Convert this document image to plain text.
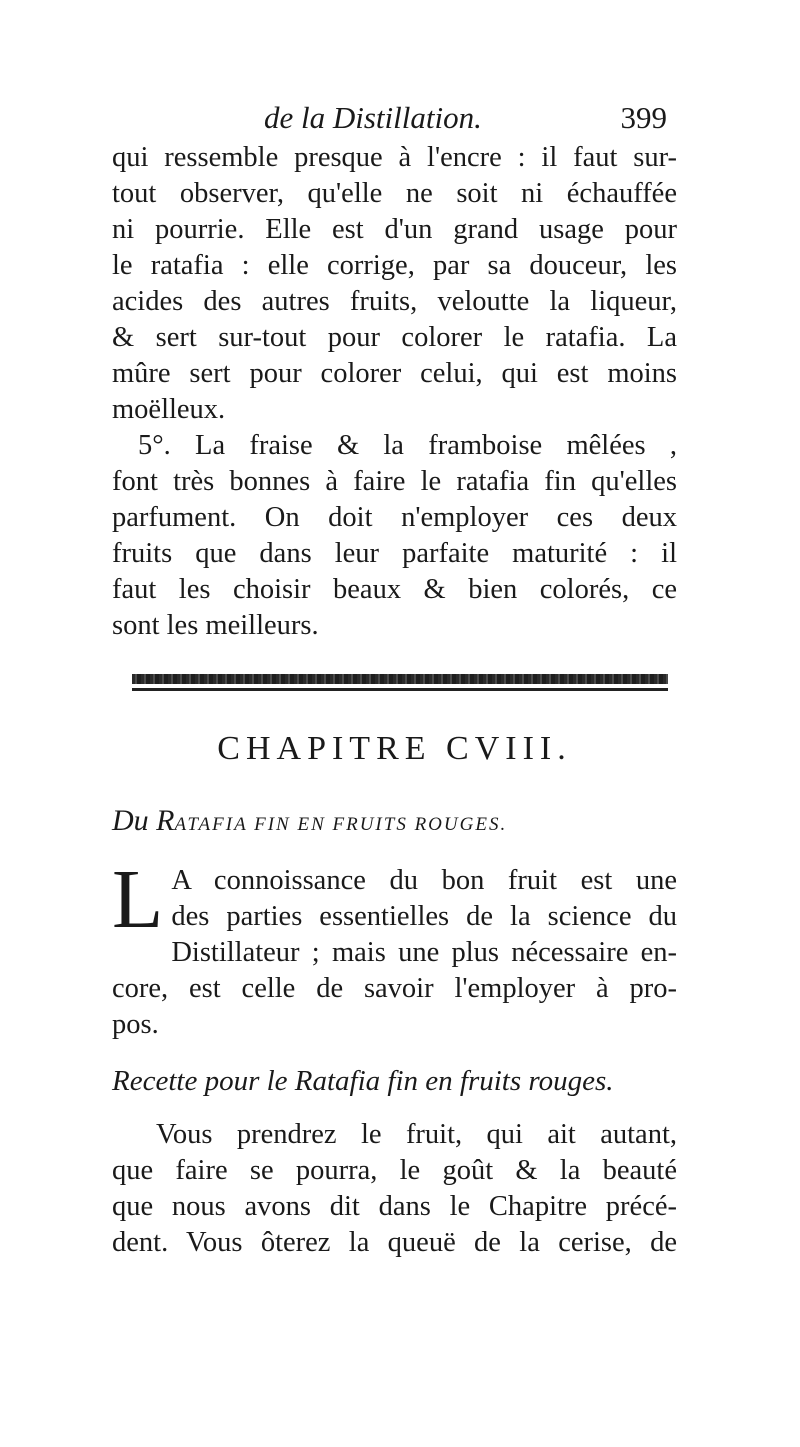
de la Distillation.	399
qui ressemble presque à l'encre : il faut sur-
tout observer, qu'elle ne soit ni échauffée
ni pourrie. Elle est d'un grand usage pour
le ratafia : elle corrige, par sa douceur, les
acides des autres fruits, veloutte la liqueur,
& sert sur-tout pour colorer le ratafia. La
mûre sert pour colorer celui, qui est moins
moëlleux.
5°. La fraise & la framboise mêlées ,
font très bonnes à faire le ratafia fin qu'elles
parfument. On doit n'employer ces deux
fruits que dans leur parfaite maturité : il
faut les choisir beaux & bien colorés, ce
sont les meilleurs.
CHAPITRE CVIII.
Du RATAFIA FIN EN FRUITS ROUGES.
L A connoissance du bon fruit est une
des parties essentielles de la science du
Distillateur ; mais une plus nécessaire en-
core, est celle de savoir l'employer à pro-
pos.
Recette pour le Ratafia fin en fruits rouges.
Vous prendrez le fruit, qui ait autant,
que faire se pourra, le goût & la beauté
que nous avons dit dans le Chapitre précé-
dent. Vous ôterez la queuë de la cerise, de
